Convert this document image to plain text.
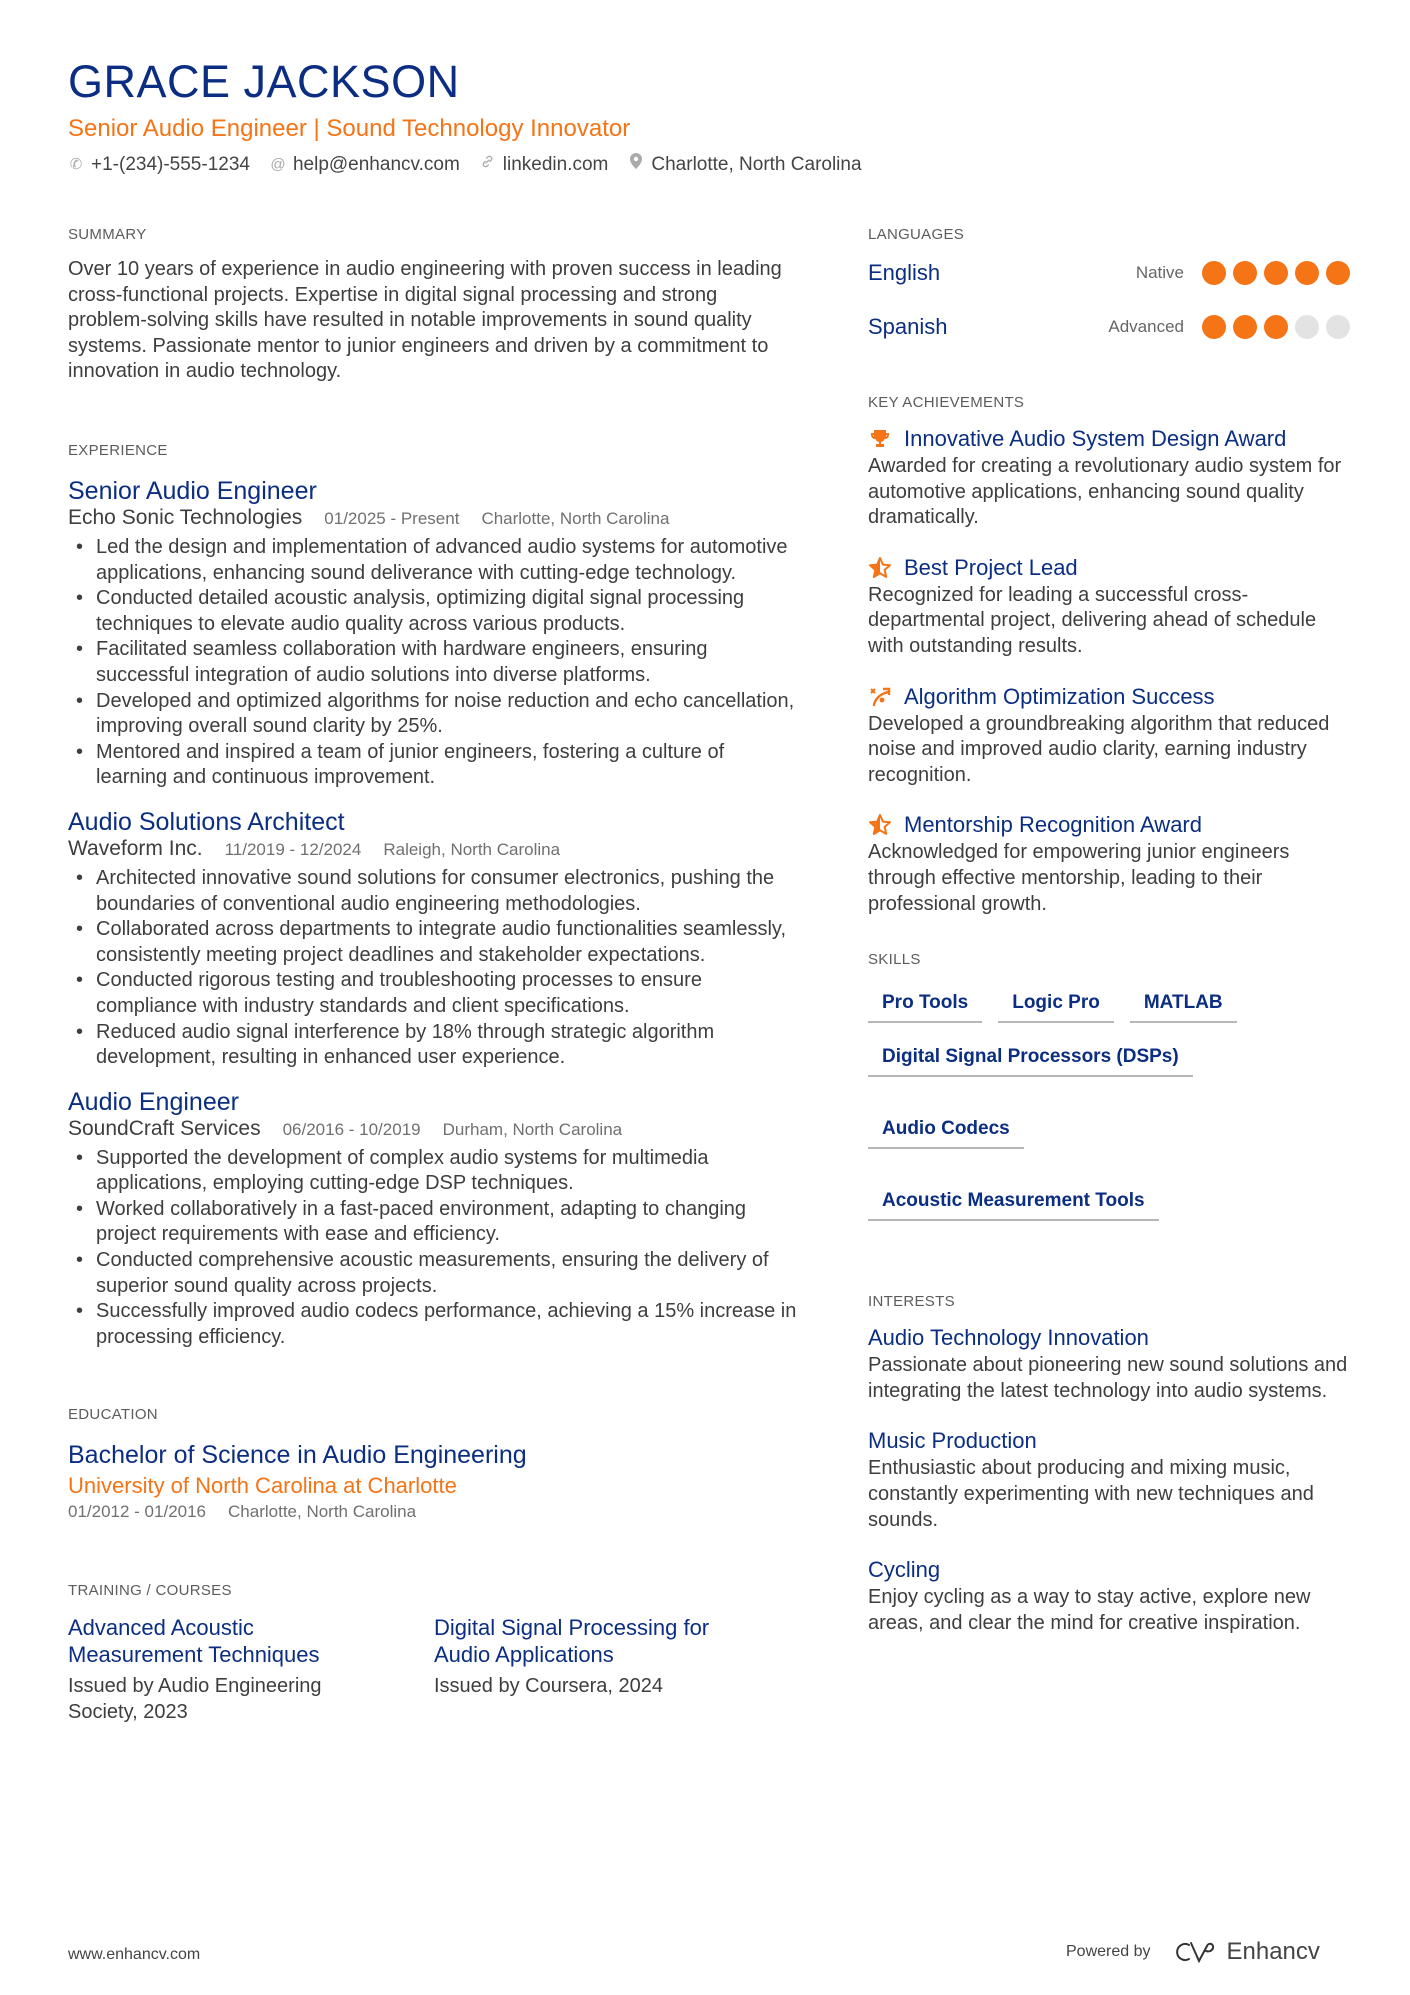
GRACE JACKSON
Senior Audio Engineer | Sound Technology Innovator
✆ +1-(234)-555-1234 @ help@enhancv.com linkedin.com Charlotte, North Carolina
SUMMARY
Over 10 years of experience in audio engineering with proven success in leading cross-functional projects. Expertise in digital signal processing and strong problem-solving skills have resulted in notable improvements in sound quality systems. Passionate mentor to junior engineers and driven by a commitment to innovation in audio technology.
EXPERIENCE
Senior Audio Engineer
Echo Sonic Technologies 01/2025 - Present Charlotte, North Carolina
• Led the design and implementation of advanced audio systems for automotive applications, enhancing sound deliverance with cutting-edge technology.
• Conducted detailed acoustic analysis, optimizing digital signal processing techniques to elevate audio quality across various products.
• Facilitated seamless collaboration with hardware engineers, ensuring successful integration of audio solutions into diverse platforms.
• Developed and optimized algorithms for noise reduction and echo cancellation, improving overall sound clarity by 25%.
• Mentored and inspired a team of junior engineers, fostering a culture of learning and continuous improvement.
Audio Solutions Architect
Waveform Inc. 11/2019 - 12/2024 Raleigh, North Carolina
• Architected innovative sound solutions for consumer electronics, pushing the boundaries of conventional audio engineering methodologies.
• Collaborated across departments to integrate audio functionalities seamlessly, consistently meeting project deadlines and stakeholder expectations.
• Conducted rigorous testing and troubleshooting processes to ensure compliance with industry standards and client specifications.
• Reduced audio signal interference by 18% through strategic algorithm development, resulting in enhanced user experience.
Audio Engineer
SoundCraft Services 06/2016 - 10/2019 Durham, North Carolina
• Supported the development of complex audio systems for multimedia applications, employing cutting-edge DSP techniques.
• Worked collaboratively in a fast-paced environment, adapting to changing project requirements with ease and efficiency.
• Conducted comprehensive acoustic measurements, ensuring the delivery of superior sound quality across projects.
• Successfully improved audio codecs performance, achieving a 15% increase in processing efficiency.
EDUCATION
Bachelor of Science in Audio Engineering
University of North Carolina at Charlotte
01/2012 - 01/2016 Charlotte, North Carolina
TRAINING / COURSES
Advanced Acoustic Measurement Techniques
Issued by Audio Engineering Society, 2023
Digital Signal Processing for Audio Applications
Issued by Coursera, 2024
LANGUAGES
English	Native
Spanish	Advanced
KEY ACHIEVEMENTS
Innovative Audio System Design Award
Awarded for creating a revolutionary audio system for automotive applications, enhancing sound quality dramatically.
Best Project Lead
Recognized for leading a successful cross-departmental project, delivering ahead of schedule with outstanding results.
Algorithm Optimization Success
Developed a groundbreaking algorithm that reduced noise and improved audio clarity, earning industry recognition.
Mentorship Recognition Award
Acknowledged for empowering junior engineers through effective mentorship, leading to their professional growth.
SKILLS
Pro Tools	Logic Pro	MATLAB
Digital Signal Processors (DSPs)
Audio Codecs
Acoustic Measurement Tools
INTERESTS
Audio Technology Innovation
Passionate about pioneering new sound solutions and integrating the latest technology into audio systems.
Music Production
Enthusiastic about producing and mixing music, constantly experimenting with new techniques and sounds.
Cycling
Enjoy cycling as a way to stay active, explore new areas, and clear the mind for creative inspiration.
www.enhancv.com	Powered by	Enhancv
